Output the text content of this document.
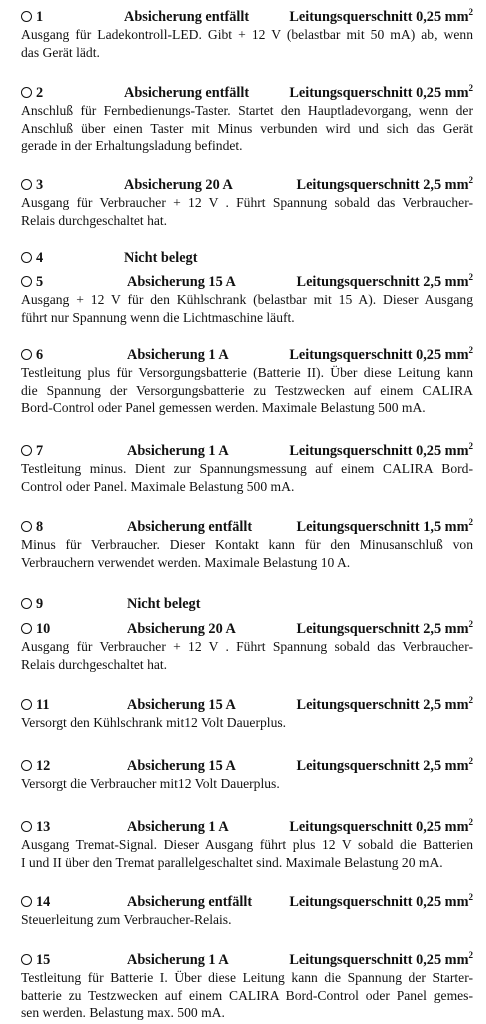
1	Absicherung entfällt	Leitungsquerschnitt 0,25 $mm^2$
Ausgang für Ladekontroll-LED. Gibt + 12 V (belastbar mit 50 mA) ab, wenn
das Gerät lädt.
2	Absicherung entfällt	Leitungsquerschnitt 0,25 $mm^2$
Anschluß für Fernbedienungs-Taster. Startet den Hauptladevorgang, wenn der
Anschluß über einen Taster mit Minus verbunden wird und sich das Gerät
gerade in der Erhaltungsladung befindet.
3	Absicherung 20 A	Leitungsquerschnitt 2,5 $mm^2$
Ausgang für Verbraucher + 12 V . Führt Spannung sobald das Verbraucher-
Relais durchgeschaltet hat.
4	Nicht belegt
5	Absicherung 15 A	Leitungsquerschnitt 2,5 $mm^2$
Ausgang + 12 V für den Kühlschrank (belastbar mit 15 A). Dieser Ausgang
führt nur Spannung wenn die Lichtmaschine läuft.
6	Absicherung 1 A	Leitungsquerschnitt 0,25 $mm^2$
Testleitung plus für Versorgungsbatterie (Batterie II). Über diese Leitung kann
die Spannung der Versorgungsbatterie zu Testzwecken auf einem CALIRA
Bord-Control oder Panel gemessen werden. Maximale Belastung 500 mA.
7	Absicherung 1 A	Leitungsquerschnitt 0,25 $mm^2$
Testleitung minus. Dient zur Spannungsmessung auf einem CALIRA Bord-
Control oder Panel. Maximale Belastung 500 mA.
8	Absicherung entfällt	Leitungsquerschnitt 1,5 $mm^2$
Minus für Verbraucher. Dieser Kontakt kann für den Minusanschluß von
Verbrauchern verwendet werden. Maximale Belastung 10 A.
9	Nicht belegt
10	Absicherung 20 A	Leitungsquerschnitt 2,5 $mm^2$
Ausgang für Verbraucher + 12 V . Führt Spannung sobald das Verbraucher-
Relais durchgeschaltet hat.
11	Absicherung 15 A	Leitungsquerschnitt 2,5 $mm^2$
Versorgt den Kühlschrank mit12 Volt Dauerplus.
12	Absicherung 15 A	Leitungsquerschnitt 2,5 $mm^2$
Versorgt die Verbraucher mit12 Volt Dauerplus.
13	Absicherung 1 A	Leitungsquerschnitt 0,25 $mm^2$
Ausgang Tremat-Signal. Dieser Ausgang führt plus 12 V sobald die Batterien
I und II über den Tremat parallelgeschaltet sind. Maximale Belastung 20 mA.
14	Absicherung entfällt	Leitungsquerschnitt 0,25 $mm^2$
Steuerleitung zum Verbraucher-Relais.
15	Absicherung 1 A	Leitungsquerschnitt 0,25 $mm^2$
Testleitung für Batterie I. Über diese Leitung kann die Spannung der Starter-
batterie zu Testzwecken auf einem CALIRA Bord-Control oder Panel gemes-
sen werden. Belastung max. 500 mA.
